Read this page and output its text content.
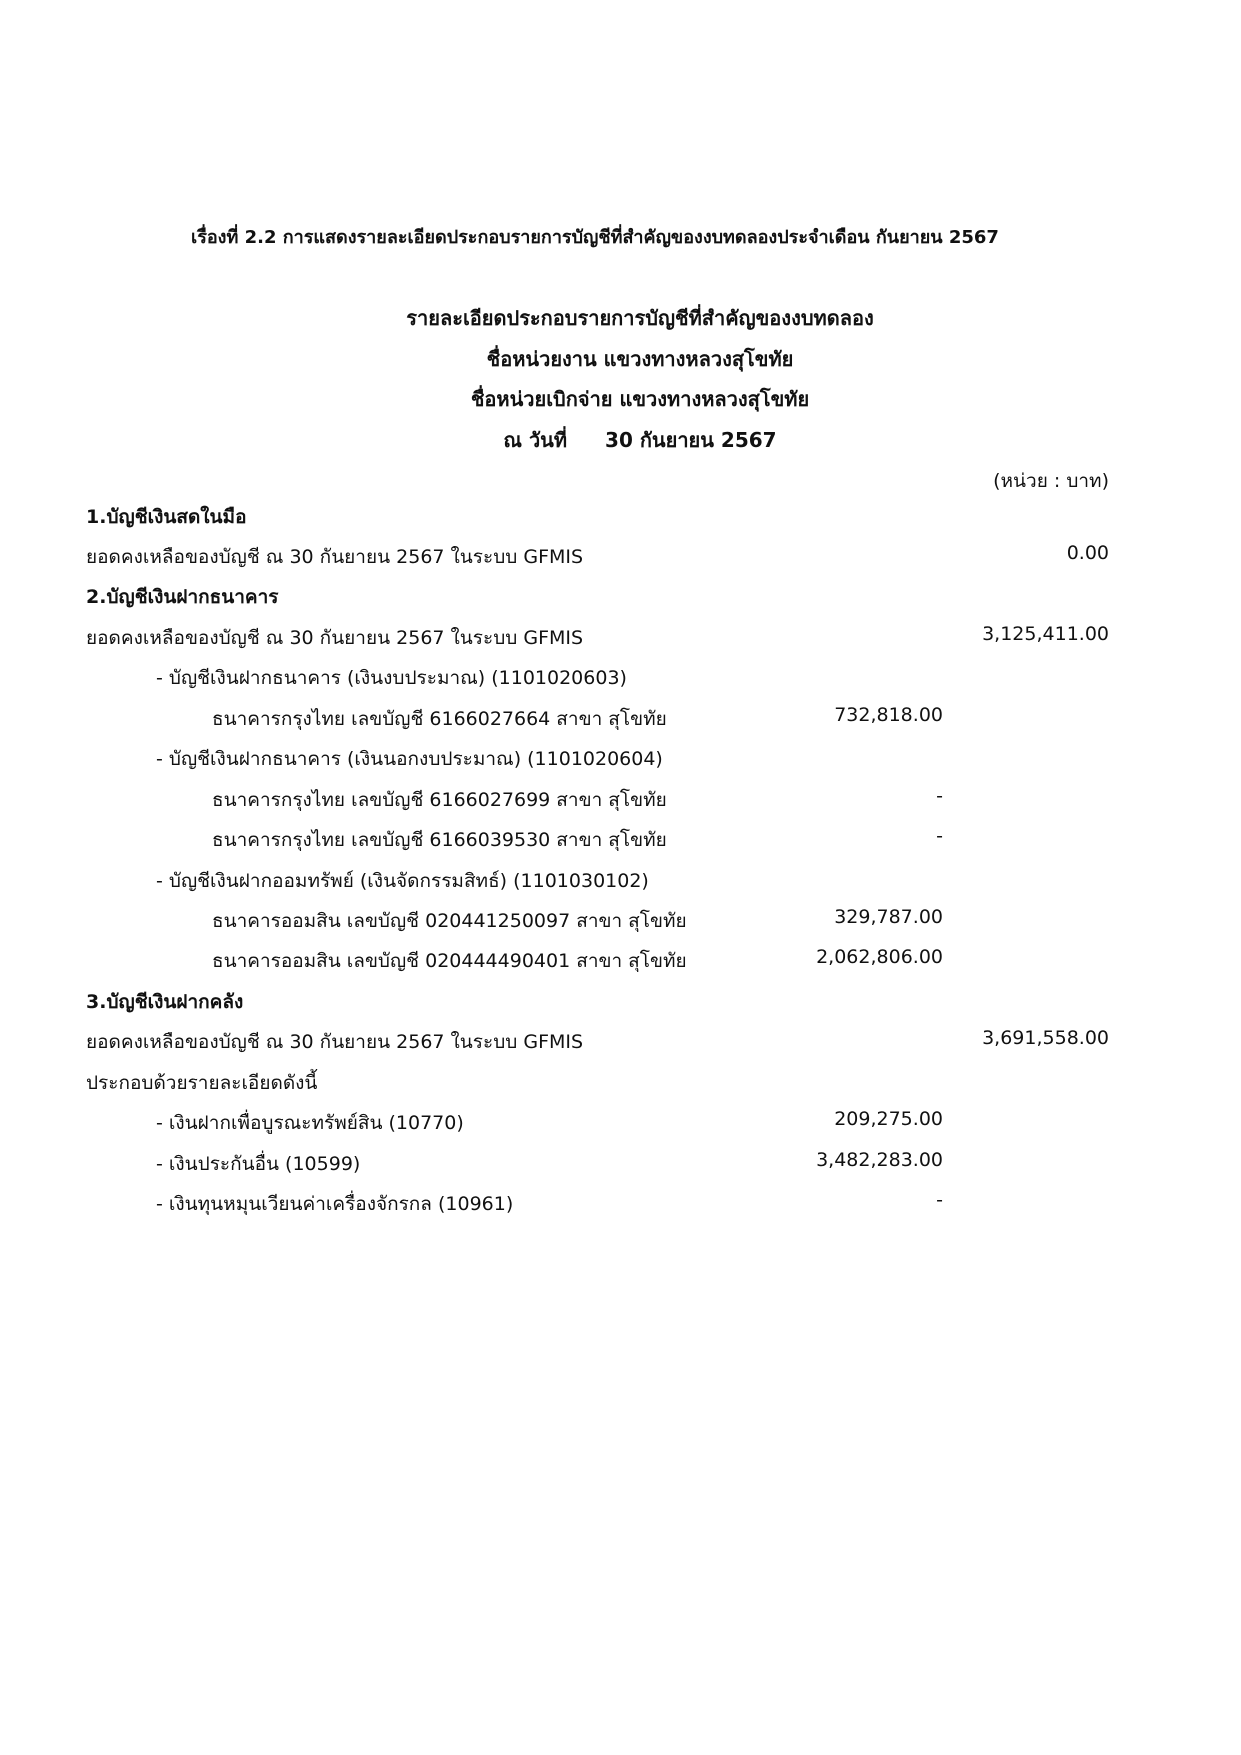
เรื่องที่ 2.2 การแสดงรายละเอียดประกอบรายการบัญชีที่สำคัญของงบทดลองประจำเดือน กันยายน 2567
รายละเอียดประกอบรายการบัญชีที่สำคัญของงบทดลอง
ชื่อหน่วยงาน แขวงทางหลวงสุโขทัย
ชื่อหน่วยเบิกจ่าย แขวงทางหลวงสุโขทัย
ณ วันที่ 30 กันยายน 2567
(หน่วย : บาท)
1.บัญชีเงินสดในมือ
ยอดคงเหลือของบัญชี ณ 30 กันยายน 2567 ในระบบ GFMIS	0.00
2.บัญชีเงินฝากธนาคาร
ยอดคงเหลือของบัญชี ณ 30 กันยายน 2567 ในระบบ GFMIS	3,125,411.00
- บัญชีเงินฝากธนาคาร (เงินงบประมาณ) (1101020603)
ธนาคารกรุงไทย เลขบัญชี 6166027664 สาขา สุโขทัย	732,818.00
- บัญชีเงินฝากธนาคาร (เงินนอกงบประมาณ) (1101020604)
ธนาคารกรุงไทย เลขบัญชี 6166027699 สาขา สุโขทัย	-
ธนาคารกรุงไทย เลขบัญชี 6166039530 สาขา สุโขทัย	-
- บัญชีเงินฝากออมทรัพย์ (เงินจัดกรรมสิทธ์) (1101030102)
ธนาคารออมสิน เลขบัญชี 020441250097 สาขา สุโขทัย	329,787.00
ธนาคารออมสิน เลขบัญชี 020444490401 สาขา สุโขทัย	2,062,806.00
3.บัญชีเงินฝากคลัง
ยอดคงเหลือของบัญชี ณ 30 กันยายน 2567 ในระบบ GFMIS	3,691,558.00
ประกอบด้วยรายละเอียดดังนี้
- เงินฝากเพื่อบูรณะทรัพย์สิน (10770)	209,275.00
- เงินประกันอื่น (10599)	3,482,283.00
- เงินทุนหมุนเวียนค่าเครื่องจักรกล (10961)	-
